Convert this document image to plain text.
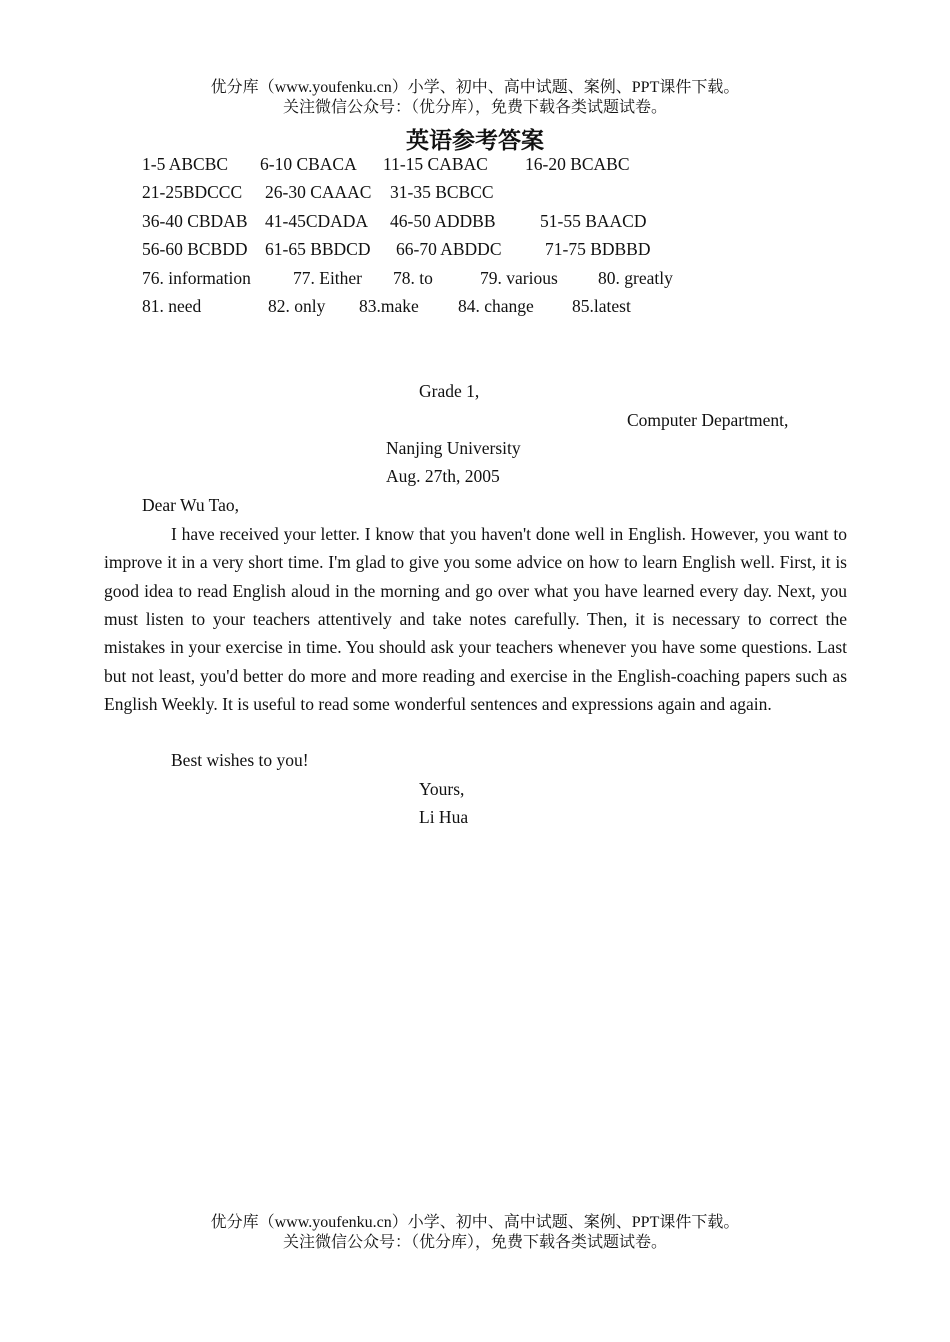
优分库（www.youfenku.cn）小学、初中、高中试题、案例、PPT课件下载。
关注微信公众号：（优分库），免费下载各类试题试卷。
英语参考答案
1-5 ABCBC 6-10 CBACA 11-15 CABAC 16-20 BCABC
21-25BDCCC 26-30 CAAAC 31-35 BCBCC
36-40 CBDAB 41-45CDADA 46-50 ADDBB	51-55 BAACD
56-60 BCBDD 61-65 BBDCD 66-70 ABDDC 71-75 BDBBD
76. information 77. Either 78. to	79. various 80. greatly
81. need	82. only 83.make 84. change 85.latest
Grade 1,
Computer Department,
Nanjing University
Aug. 27th, 2005
Dear Wu Tao,

I have received your letter. I know that you haven't done well in English. However, you want to improve it in a very short time. I'm glad to give you some advice on how to learn English well. First, it is good idea to read English aloud in the morning and go over what you have learned every day. Next, you must listen to your teachers attentively and take notes carefully. Then, it is necessary to correct the mistakes in your exercise in time. You should ask your teachers whenever you have some questions. Last but not least, you'd better do more and more reading and exercise in the English-coaching papers such as English Weekly. It is useful to read some wonderful sentences and expressions again and again.

Best wishes to you!
Yours,
Li Hua
优分库（www.youfenku.cn）小学、初中、高中试题、案例、PPT课件下载。
关注微信公众号：（优分库），免费下载各类试题试卷。
